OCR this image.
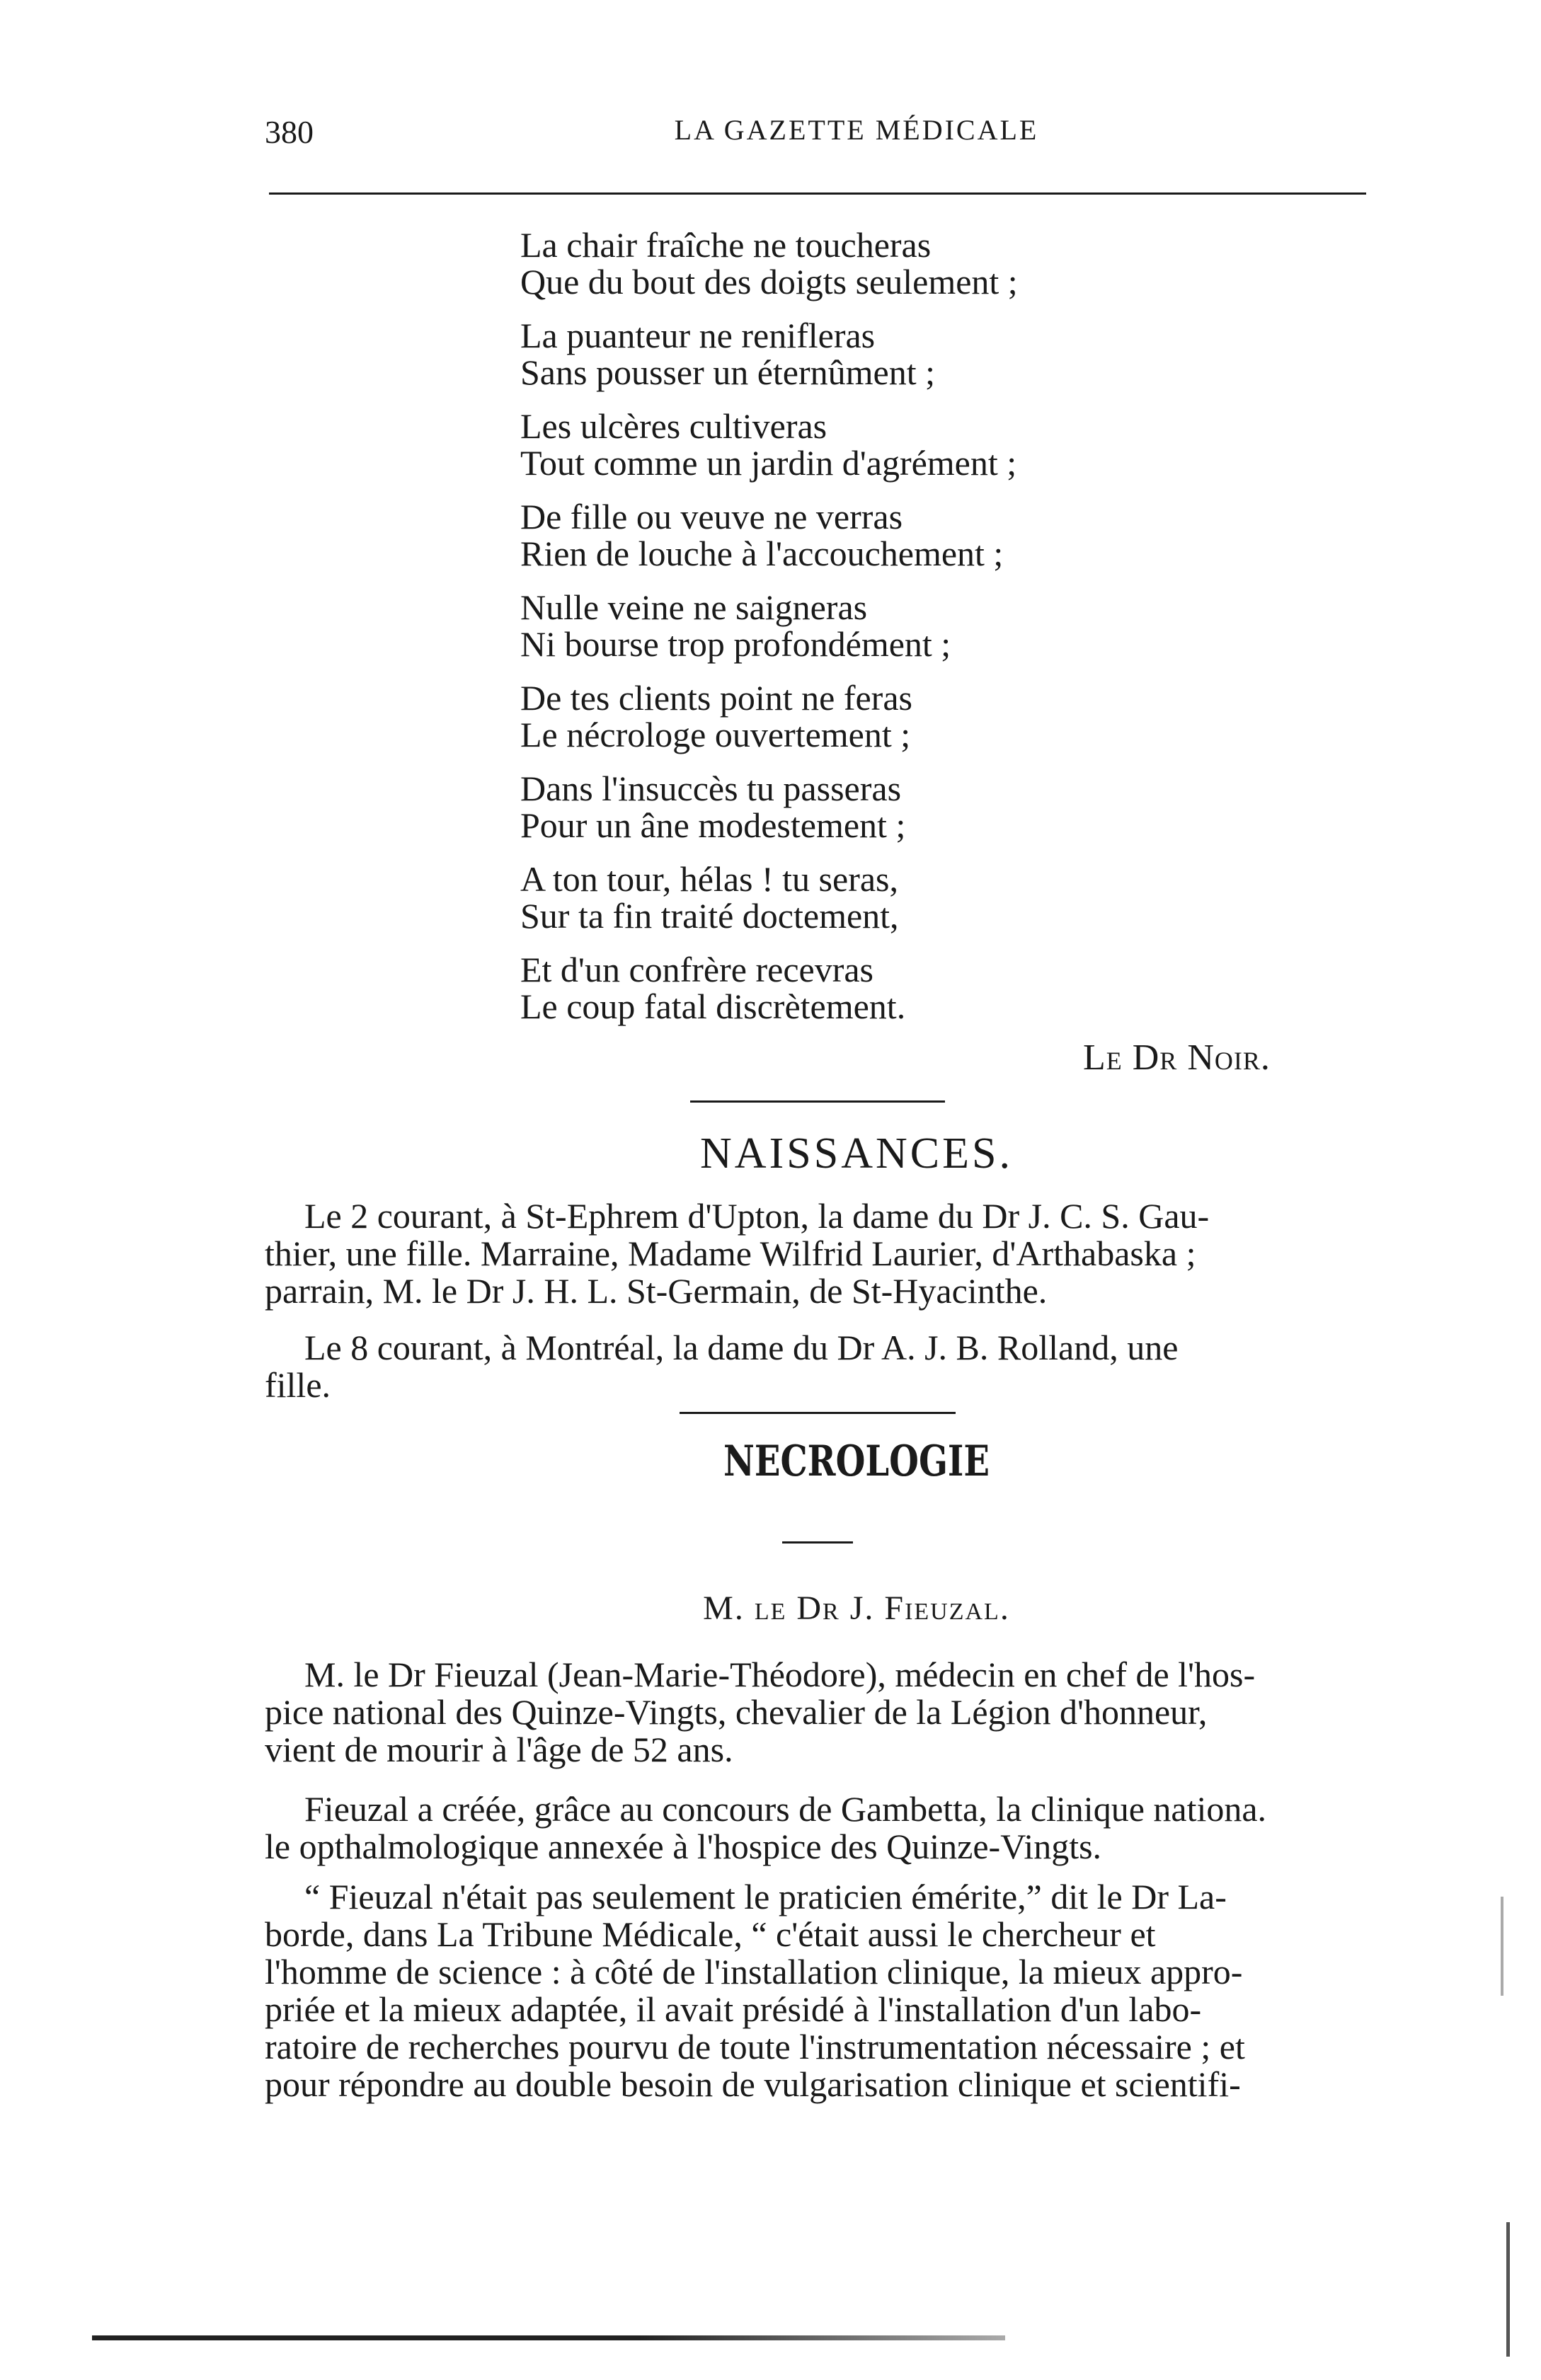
380	LA GAZETTE MÉDICALE
La chair fraîche ne toucheras
Que du bout des doigts seulement ;
La puanteur ne renifleras
Sans pousser un éternûment ;
Les ulcères cultiveras
Tout comme un jardin d'agrément ;
De fille ou veuve ne verras
Rien de louche à l'accouchement ;
Nulle veine ne saigneras
Ni bourse trop profondément ;
De tes clients point ne feras
Le nécrologe ouvertement ;
Dans l'insuccès tu passeras
Pour un âne modestement ;
A ton tour, hélas ! tu seras,
Sur ta fin traité doctement,
Et d'un confrère recevras
Le coup fatal discrètement.
Le Dr Noir.
NAISSANCES.
Le 2 courant, à St-Ephrem d'Upton, la dame du Dr J. C. S. Gau-
thier, une fille. Marraine, Madame Wilfrid Laurier, d'Arthabaska ;
parrain, M. le Dr J. H. L. St-Germain, de St-Hyacinthe.
Le 8 courant, à Montréal, la dame du Dr A. J. B. Rolland, une
fille.
NECROLOGIE
M. le Dr J. Fieuzal.
M. le Dr Fieuzal (Jean-Marie-Théodore), médecin en chef de l'hos-
pice national des Quinze-Vingts, chevalier de la Légion d'honneur,
vient de mourir à l'âge de 52 ans.
Fieuzal a créée, grâce au concours de Gambetta, la clinique nationa.
le opthalmologique annexée à l'hospice des Quinze-Vingts.
“ Fieuzal n'était pas seulement le praticien émérite,” dit le Dr La-
borde, dans La Tribune Médicale, “ c'était aussi le chercheur et
l'homme de science : à côté de l'installation clinique, la mieux appro-
priée et la mieux adaptée, il avait présidé à l'installation d'un labo-
ratoire de recherches pourvu de toute l'instrumentation nécessaire ; et
pour répondre au double besoin de vulgarisation clinique et scientifi-
